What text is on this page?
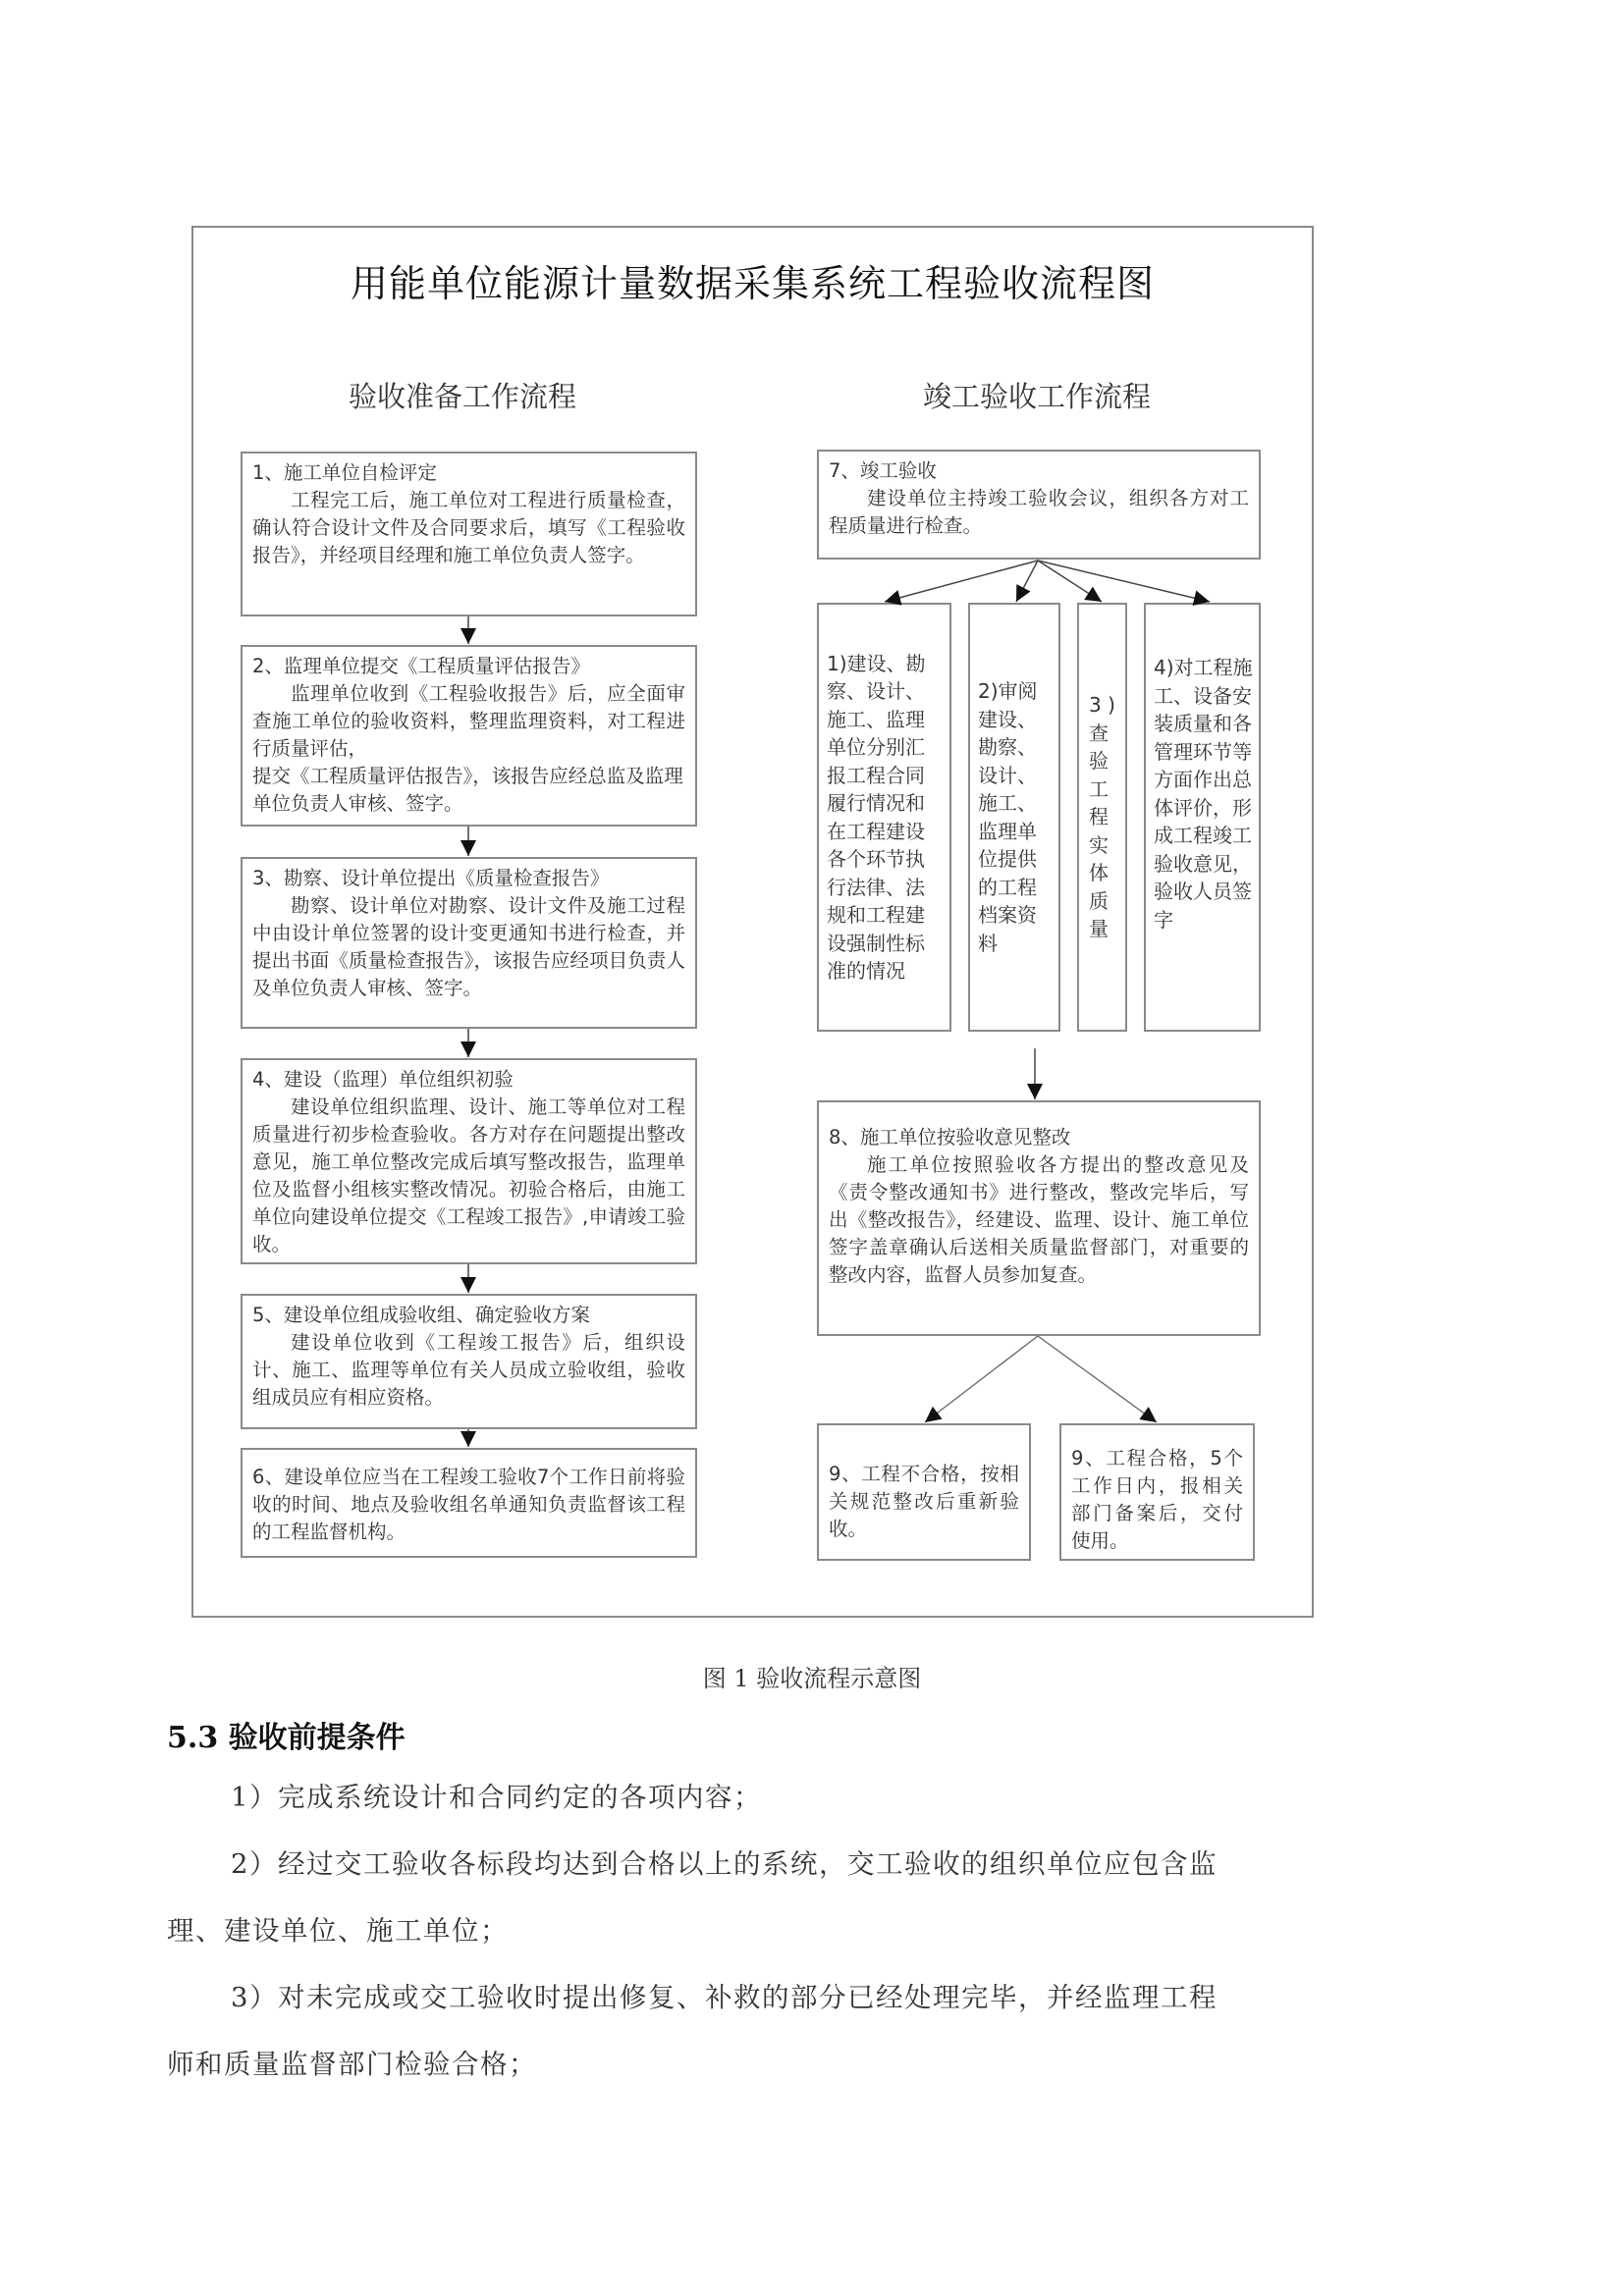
用能单位能源计量数据采集系统工程验收流程图
验收准备工作流程	竣工验收工作流程
1、施工单位自检评定
工程完工后，施工单位对工程进行质量检查，确认符合设计文件及合同要求后，填写《工程验收报告》，并经项目经理和施工单位负责人签字。
2、监理单位提交《工程质量评估报告》
监理单位收到《工程验收报告》后，应全面审查施工单位的验收资料，整理监理资料，对工程进行质量评估，
提交《工程质量评估报告》，该报告应经总监及监理单位负责人审核、签字。
3、勘察、设计单位提出《质量检查报告》
勘察、设计单位对勘察、设计文件及施工过程中由设计单位签署的设计变更通知书进行检查，并提出书面《质量检查报告》，该报告应经项目负责人及单位负责人审核、签字。
4、建设（监理）单位组织初验
建设单位组织监理、设计、施工等单位对工程质量进行初步检查验收。各方对存在问题提出整改意见，施工单位整改完成后填写整改报告，监理单位及监督小组核实整改情况。初验合格后，由施工单位向建设单位提交《工程竣工报告》,申请竣工验收。
5、建设单位组成验收组、确定验收方案
建设单位收到《工程竣工报告》后，组织设计、施工、监理等单位有关人员成立验收组，验收组成员应有相应资格。
6、建设单位应当在工程竣工验收7个工作日前将验收的时间、地点及验收组名单通知负责监督该工程的工程监督机构。
7、竣工验收
建设单位主持竣工验收会议，组织各方对工程质量进行检查。
1)建设、勘察、设计、施工、监理单位分别汇报工程合同履行情况和在工程建设各个环节执行法律、法规和工程建设强制性标准的情况
2)审阅建设、勘察、设计、施工、监理单位提供的工程档案资料
3 )查验工程实体质量
4)对工程施工、设备安装质量和各管理环节等方面作出总体评价，形成工程竣工验收意见，验收人员签字
8、施工单位按验收意见整改
施工单位按照验收各方提出的整改意见及《责令整改通知书》进行整改，整改完毕后，写出《整改报告》，经建设、监理、设计、施工单位签字盖章确认后送相关质量监督部门，对重要的整改内容，监督人员参加复查。
9、工程不合格，按相关规范整改后重新验收。
9、工程合格，5个工作日内，报相关部门备案后，交付使用。
图 1 验收流程示意图
5.3 验收前提条件
1）完成系统设计和合同约定的各项内容；
2）经过交工验收各标段均达到合格以上的系统，交工验收的组织单位应包含监
理、建设单位、施工单位；
3）对未完成或交工验收时提出修复、补救的部分已经处理完毕，并经监理工程
师和质量监督部门检验合格；
